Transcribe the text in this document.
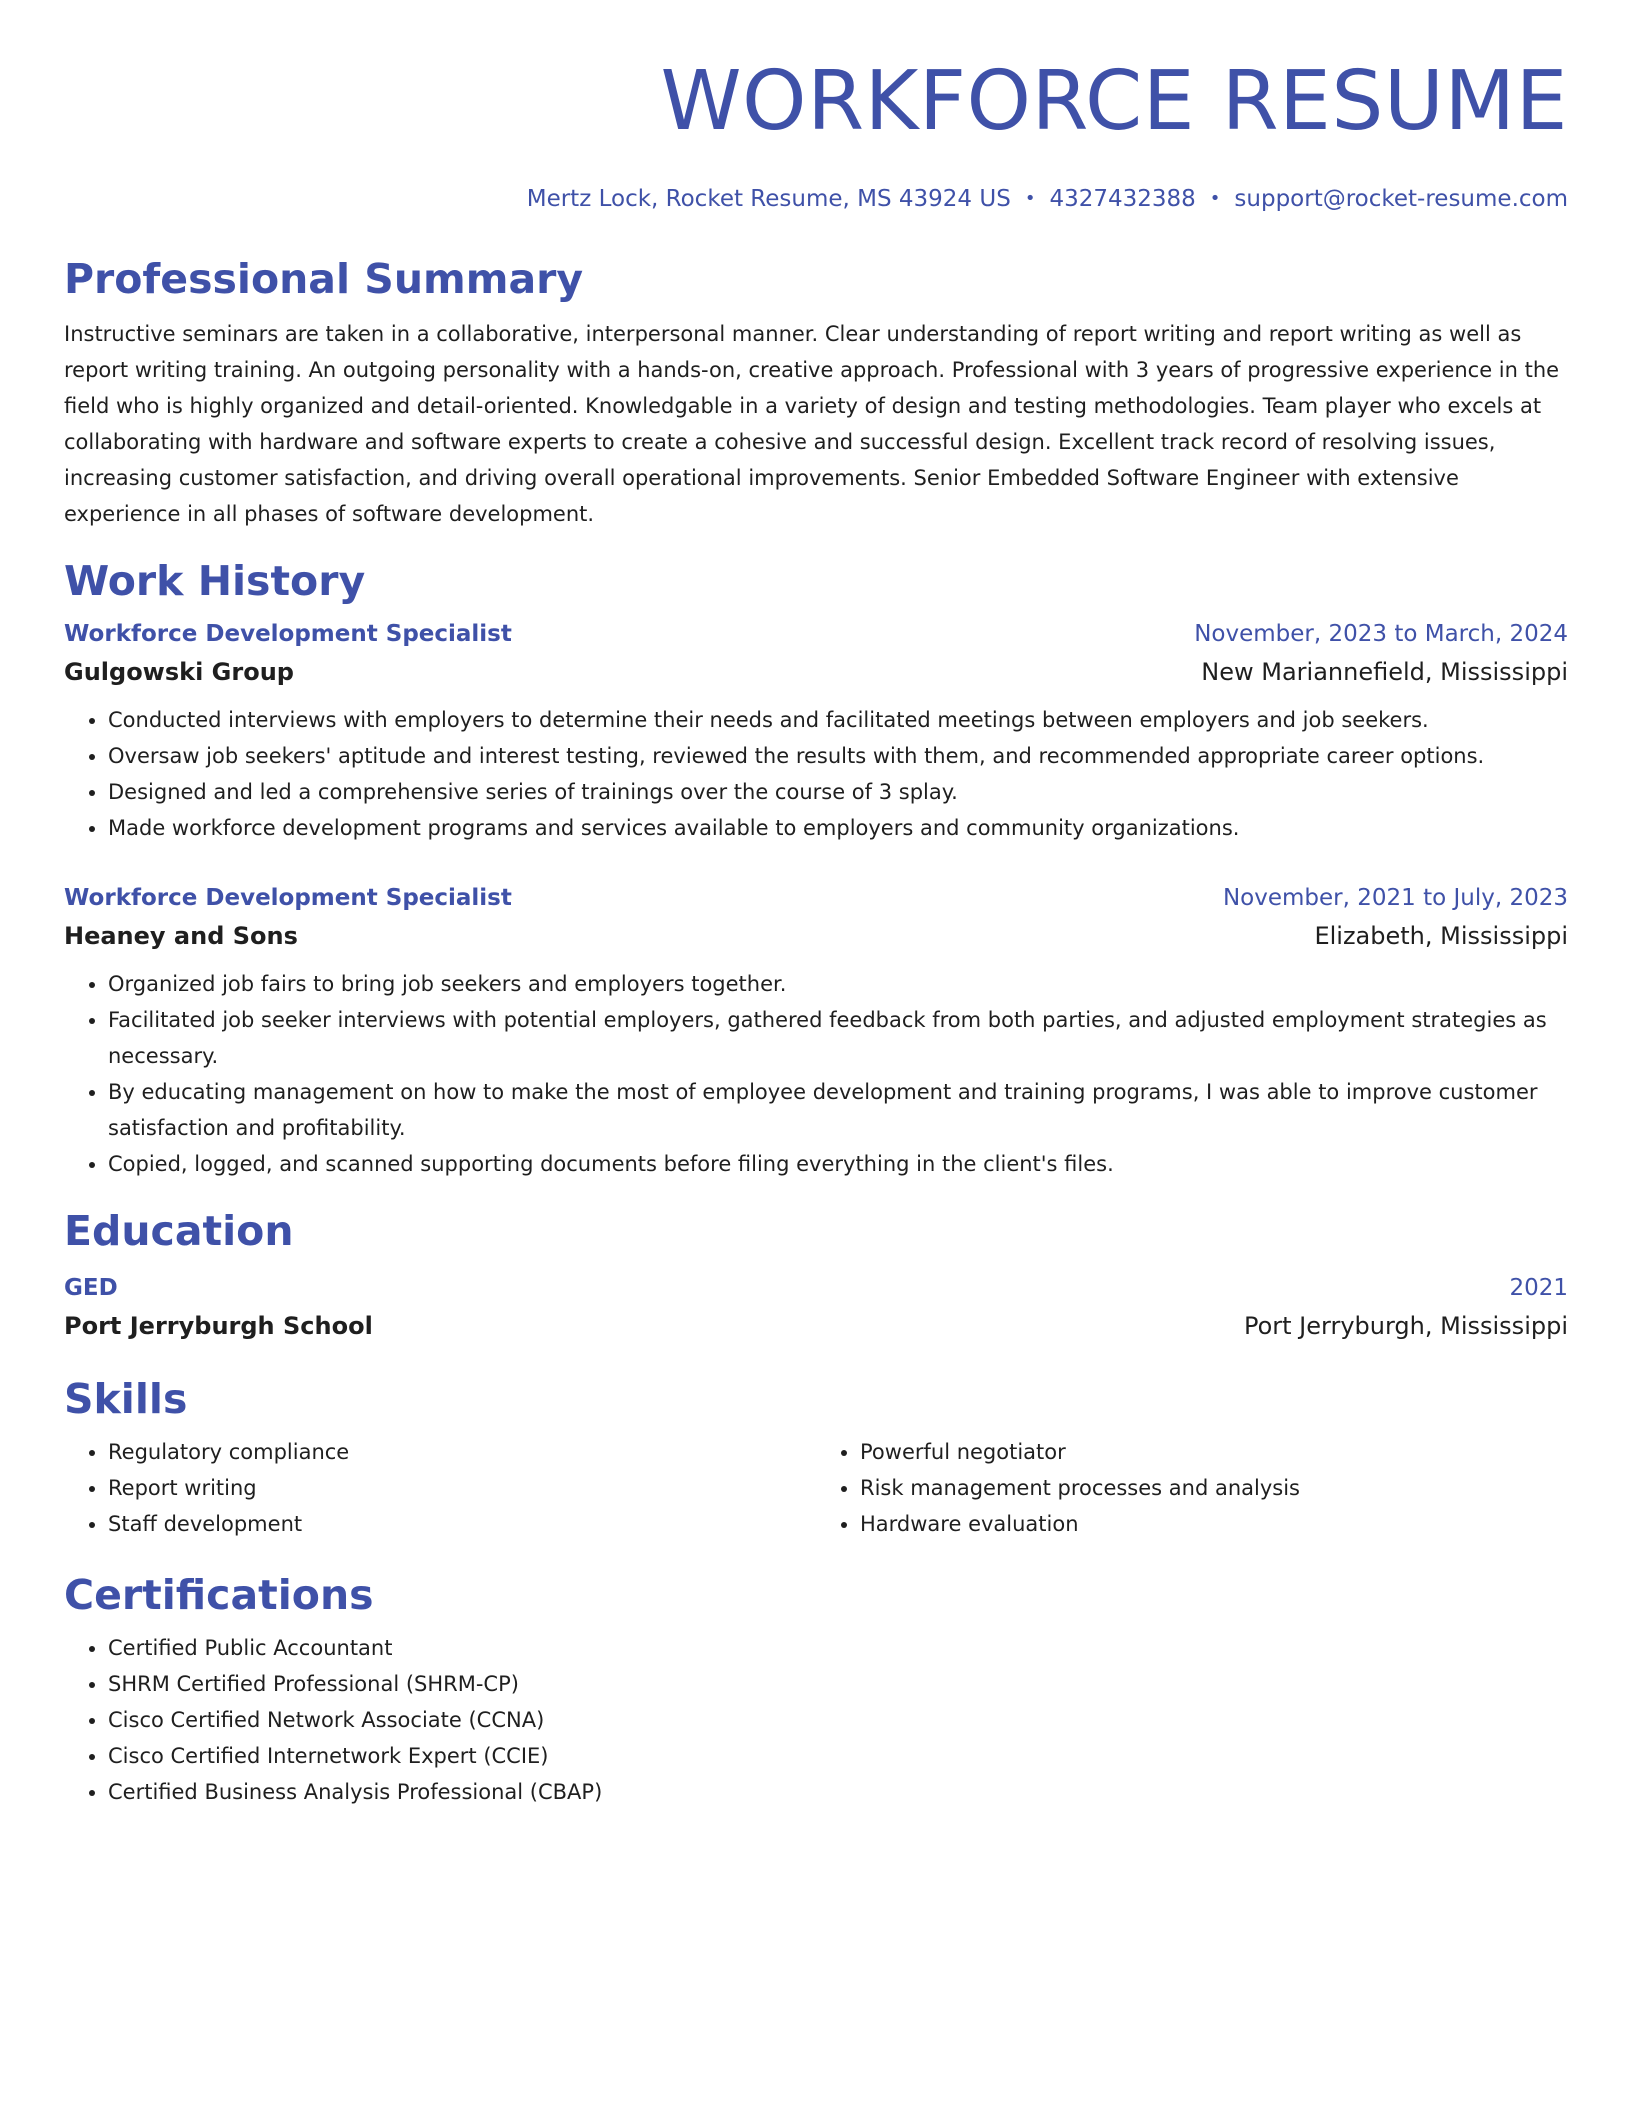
WORKFORCE RESUME
Mertz Lock, Rocket Resume, MS 43924 US • 4327432388 • support@rocket-resume.com
Professional Summary

Instructive seminars are taken in a collaborative, interpersonal manner. Clear understanding of report writing and report writing as well as report writing training. An outgoing personality with a hands-on, creative approach. Professional with 3 years of progressive experience in the field who is highly organized and detail-oriented. Knowledgable in a variety of design and testing methodologies. Team player who excels at collaborating with hardware and software experts to create a cohesive and successful design. Excellent track record of resolving issues, increasing customer satisfaction, and driving overall operational improvements. Senior Embedded Software Engineer with extensive experience in all phases of software development.

Work History
Workforce Development Specialist	November, 2023 to March, 2024
Gulgowski Group	New Mariannefield, Mississippi
• Conducted interviews with employers to determine their needs and facilitated meetings between employers and job seekers.
• Oversaw job seekers' aptitude and interest testing, reviewed the results with them, and recommended appropriate career options.
• Designed and led a comprehensive series of trainings over the course of 3 splay.
• Made workforce development programs and services available to employers and community organizations.
Workforce Development Specialist	November, 2021 to July, 2023
Heaney and Sons	Elizabeth, Mississippi
• Organized job fairs to bring job seekers and employers together.
• Facilitated job seeker interviews with potential employers, gathered feedback from both parties, and adjusted employment strategies as necessary.
• By educating management on how to make the most of employee development and training programs, I was able to improve customer satisfaction and profitability.
• Copied, logged, and scanned supporting documents before filing everything in the client's files.
Education
GED	2021
Port Jerryburgh School	Port Jerryburgh, Mississippi
Skills
• Regulatory compliance
• Report writing
• Staff development
• Powerful negotiator
• Risk management processes and analysis
• Hardware evaluation
Certifications
• Certified Public Accountant
• SHRM Certified Professional (SHRM-CP)
• Cisco Certified Network Associate (CCNA)
• Cisco Certified Internetwork Expert (CCIE)
• Certified Business Analysis Professional (CBAP)
